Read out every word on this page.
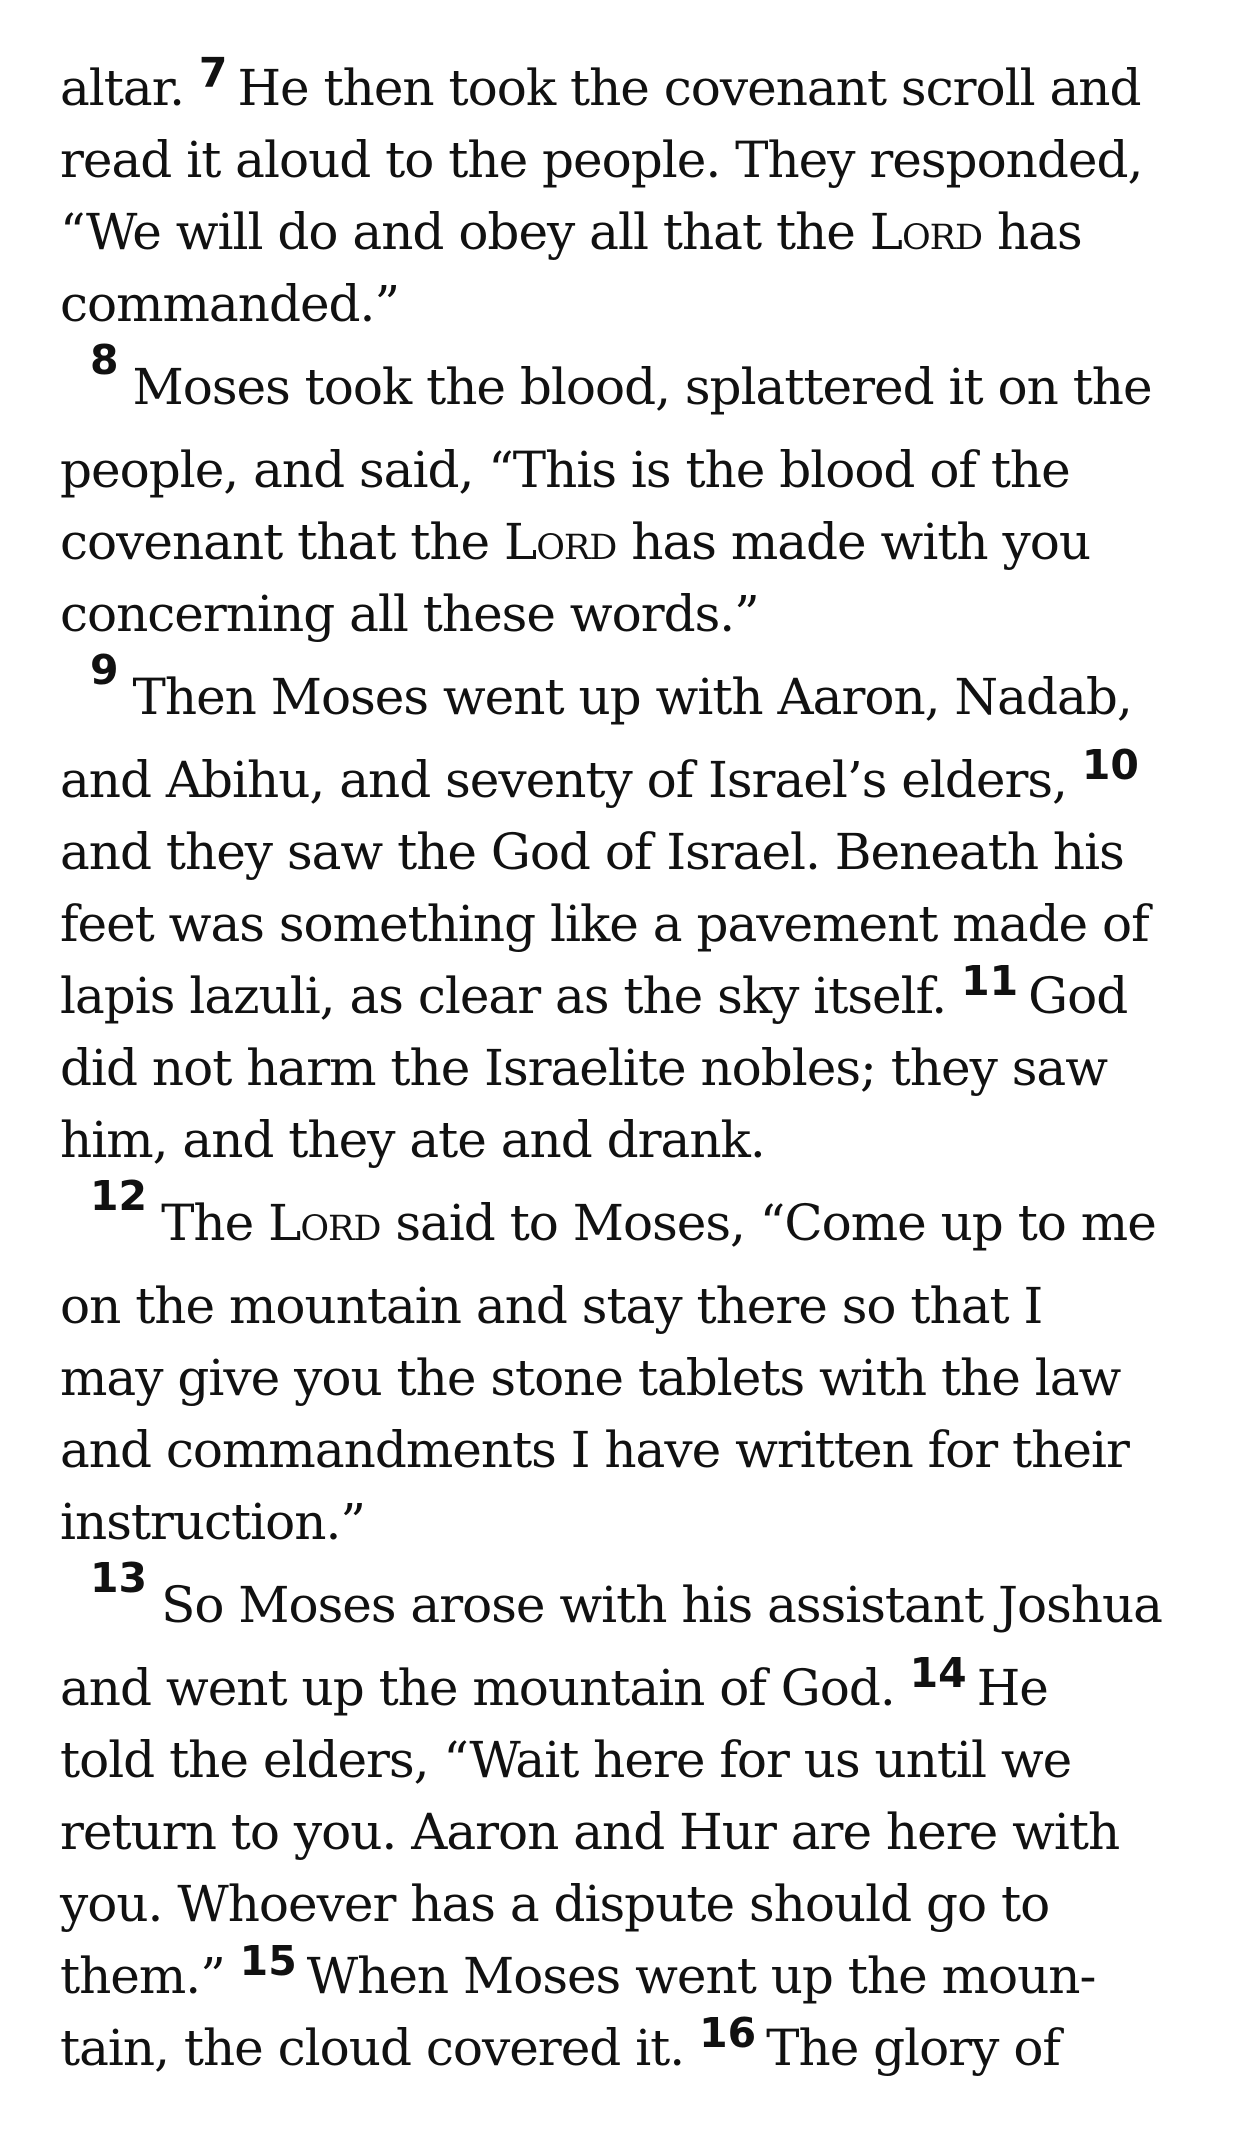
altar. $^7$ He then took the covenant scroll and
read it aloud to the people. They responded,
“We will do and obey all that the Lord has
commanded.”
$^8$ Moses took the blood, splattered it on the
people, and said, “This is the blood of the
covenant that the Lord has made with you
concerning all these words.”
$^9$ Then Moses went up with Aaron, Nadab,
and Abihu, and seventy of Israel’s elders, $^{10}$
and they saw the God of Israel. Beneath his
feet was something like a pavement made of
lapis lazuli, as clear as the sky itself. $^{11}$ God
did not harm the Israelite nobles; they saw
him, and they ate and drank.
$^{12}$ The Lord said to Moses, “Come up to me
on the mountain and stay there so that I
may give you the stone tablets with the law
and commandments I have written for their
instruction.”
$^{13}$ So Moses arose with his assistant Joshua
and went up the mountain of God. $^{14}$ He
told the elders, “Wait here for us until we
return to you. Aaron and Hur are here with
you. Whoever has a dispute should go to
them.” $^{15}$ When Moses went up the moun-
tain, the cloud covered it. $^{16}$ The glory of
